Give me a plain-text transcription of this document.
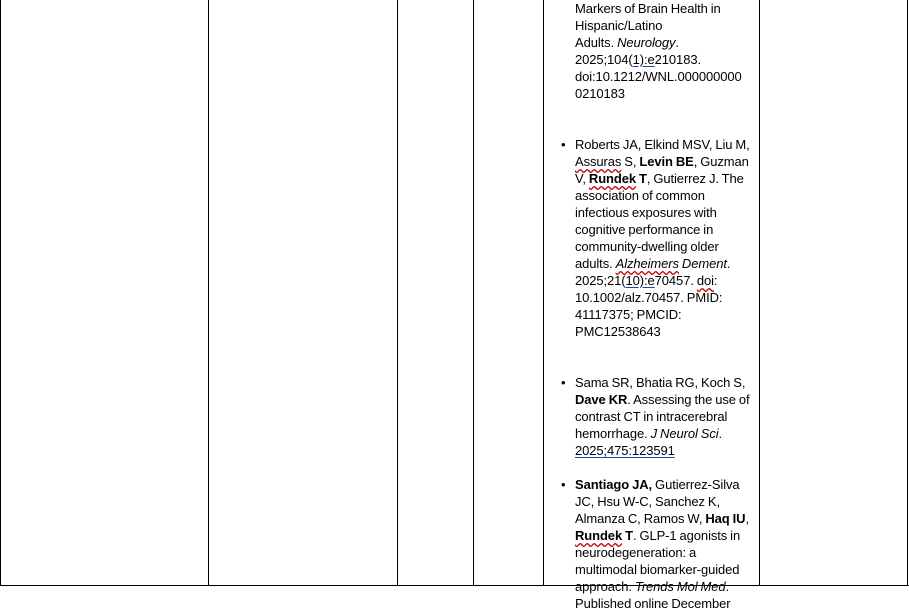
Markers of Brain Health in
Hispanic/Latino
Adults. Neurology.
2025;104(1):e210183.
doi:10.1212/WNL.000000000
0210183
• Roberts JA, Elkind MSV, Liu M, Assuras S, Levin BE, Guzman V, Rundek T, Gutierrez J. The association of common infectious exposures with cognitive performance in community-dwelling older adults. Alzheimers Dement. 2025;21(10):e70457. doi: 10.1002/alz.70457. PMID: 41117375; PMCID: PMC12538643
• Sama SR, Bhatia RG, Koch S, Dave KR. Assessing the use of contrast CT in intracerebral hemorrhage. J Neurol Sci. 2025;475:123591
• Santiago JA, Gutierrez-Silva JC, Hsu W-C, Sanchez K, Almanza C, Ramos W, Haq IU, Rundek T. GLP-1 agonists in neurodegeneration: a multimodal biomarker-guided approach. Trends Mol Med. Published online December
